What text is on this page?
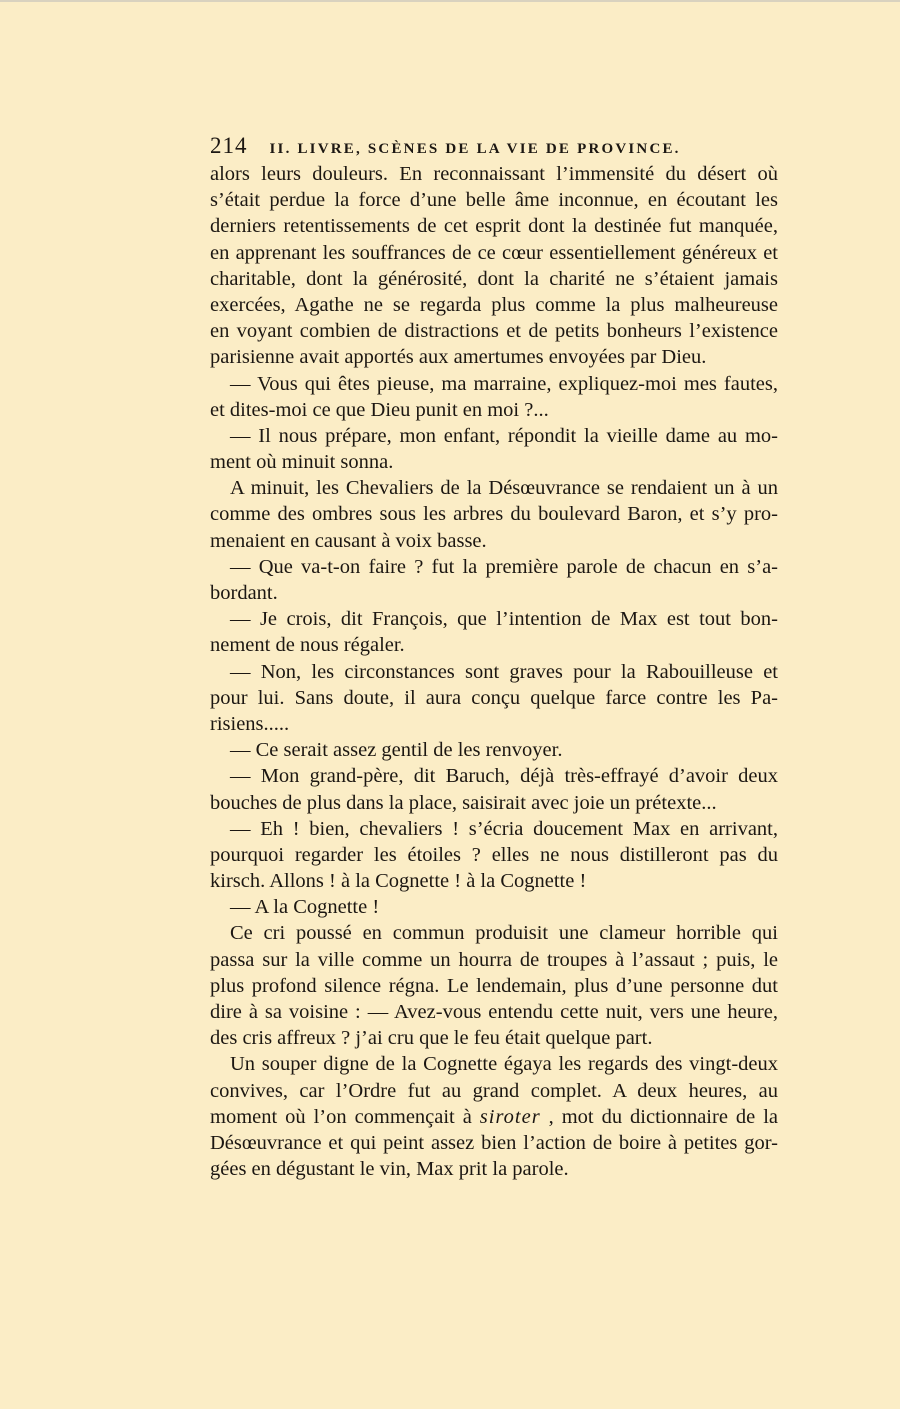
214 II. LIVRE, SCÈNES DE LA VIE DE PROVINCE.
alors leurs douleurs. En reconnaissant l’immensité du désert où
s’était perdue la force d’une belle âme inconnue, en écoutant les
derniers retentissements de cet esprit dont la destinée fut manquée,
en apprenant les souffrances de ce cœur essentiellement généreux et
charitable, dont la générosité, dont la charité ne s’étaient jamais
exercées, Agathe ne se regarda plus comme la plus malheureuse
en voyant combien de distractions et de petits bonheurs l’existence
parisienne avait apportés aux amertumes envoyées par Dieu.
— Vous qui êtes pieuse, ma marraine, expliquez-moi mes fautes,
et dites-moi ce que Dieu punit en moi ?...
— Il nous prépare, mon enfant, répondit la vieille dame au mo-
ment où minuit sonna.
A minuit, les Chevaliers de la Désœuvrance se rendaient un à un
comme des ombres sous les arbres du boulevard Baron, et s’y pro-
menaient en causant à voix basse.
— Que va-t-on faire ? fut la première parole de chacun en s’a-
bordant.
— Je crois, dit François, que l’intention de Max est tout bon-
nement de nous régaler.
— Non, les circonstances sont graves pour la Rabouilleuse et
pour lui. Sans doute, il aura conçu quelque farce contre les Pa-
risiens.....
— Ce serait assez gentil de les renvoyer.
— Mon grand-père, dit Baruch, déjà très-effrayé d’avoir deux
bouches de plus dans la place, saisirait avec joie un prétexte...
— Eh ! bien, chevaliers ! s’écria doucement Max en arrivant,
pourquoi regarder les étoiles ? elles ne nous distilleront pas du
kirsch. Allons ! à la Cognette ! à la Cognette !
— A la Cognette !
Ce cri poussé en commun produisit une clameur horrible qui
passa sur la ville comme un hourra de troupes à l’assaut ; puis, le
plus profond silence régna. Le lendemain, plus d’une personne dut
dire à sa voisine : — Avez-vous entendu cette nuit, vers une heure,
des cris affreux ? j’ai cru que le feu était quelque part.
Un souper digne de la Cognette égaya les regards des vingt-deux
convives, car l’Ordre fut au grand complet. A deux heures, au
moment où l’on commençait à siroter , mot du dictionnaire de la
Désœuvrance et qui peint assez bien l’action de boire à petites gor-
gées en dégustant le vin, Max prit la parole.
